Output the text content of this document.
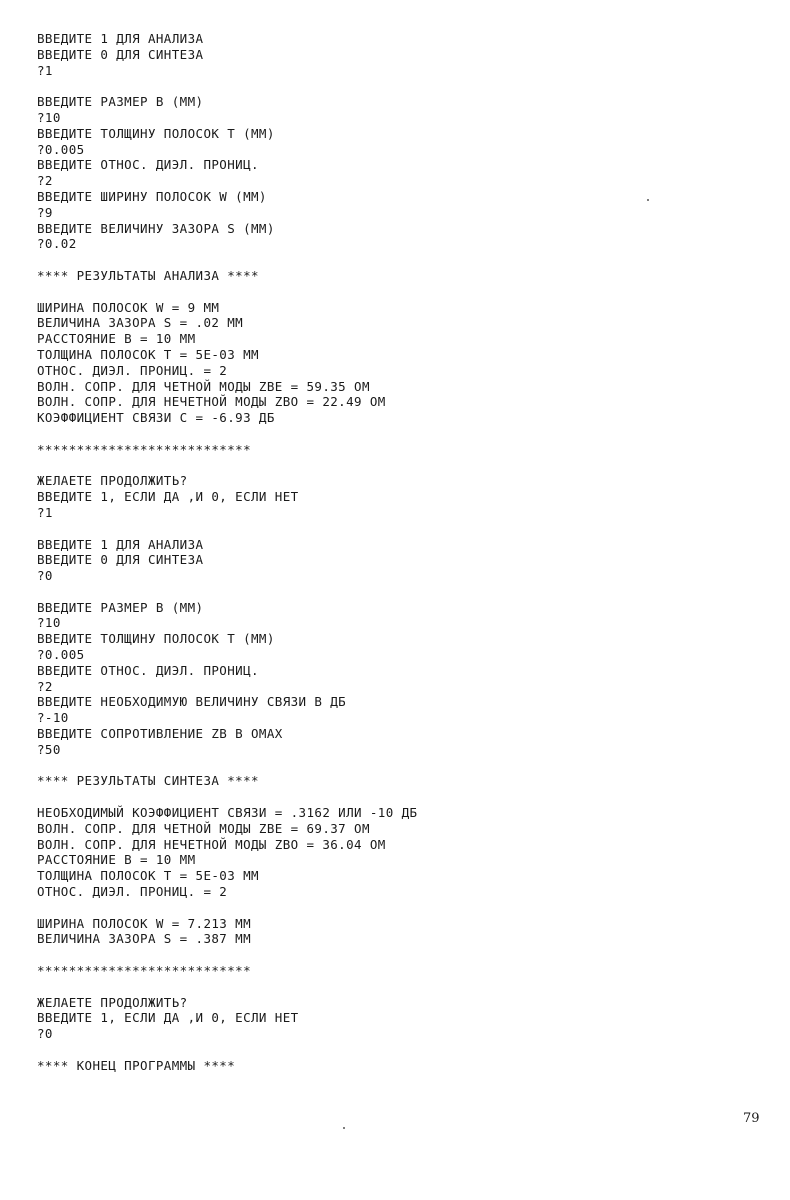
ВВЕДИТЕ 1 ДЛЯ АНАЛИЗА
ВВЕДИТЕ 0 ДЛЯ СИНТЕЗА
?1
ВВЕДИТЕ РАЗМЕР B (ММ)
?10
ВВЕДИТЕ ТОЛЩИНУ ПОЛОСОК T (ММ)
?0.005
ВВЕДИТЕ ОТНОС. ДИЭЛ. ПРОНИЦ.
?2
ВВЕДИТЕ ШИРИНУ ПОЛОСОК W (ММ)
?9
ВВЕДИТЕ ВЕЛИЧИНУ ЗАЗОРА S (ММ)
?0.02
**** РЕЗУЛЬТАТЫ АНАЛИЗА ****
ШИРИНА ПОЛОСОК W = 9 ММ
ВЕЛИЧИНА ЗАЗОРА S = .02 ММ
РАССТОЯНИЕ B = 10 ММ
ТОЛЩИНА ПОЛОСОК T = 5E-03 ММ
ОТНОС. ДИЭЛ. ПРОНИЦ. = 2
ВОЛН. СОПР. ДЛЯ ЧЕТНОЙ МОДЫ ZBE = 59.35 ОМ
ВОЛН. СОПР. ДЛЯ НЕЧЕТНОЙ МОДЫ ZBO = 22.49 ОМ
КОЭФФИЦИЕНТ СВЯЗИ C = -6.93 ДБ
***************************
ЖЕЛАЕТЕ ПРОДОЛЖИТЬ?
ВВЕДИТЕ 1, ЕСЛИ ДА ,И 0, ЕСЛИ НЕТ
?1
ВВЕДИТЕ 1 ДЛЯ АНАЛИЗА
ВВЕДИТЕ 0 ДЛЯ СИНТЕЗА
?0
ВВЕДИТЕ РАЗМЕР B (ММ)
?10
ВВЕДИТЕ ТОЛЩИНУ ПОЛОСОК T (ММ)
?0.005
ВВЕДИТЕ ОТНОС. ДИЭЛ. ПРОНИЦ.
?2
ВВЕДИТЕ НЕОБХОДИМУЮ ВЕЛИЧИНУ СВЯЗИ В ДБ
?-10
ВВЕДИТЕ СОПРОТИВЛЕНИЕ ZB В ОМАХ
?50
**** РЕЗУЛЬТАТЫ СИНТЕЗА ****
НЕОБХОДИМЫЙ КОЭФФИЦИЕНТ СВЯЗИ = .3162 ИЛИ -10 ДБ
ВОЛН. СОПР. ДЛЯ ЧЕТНОЙ МОДЫ ZBE = 69.37 ОМ
ВОЛН. СОПР. ДЛЯ НЕЧЕТНОЙ МОДЫ ZBO = 36.04 ОМ
РАССТОЯНИЕ B = 10 ММ
ТОЛЩИНА ПОЛОСОК T = 5E-03 ММ
ОТНОС. ДИЭЛ. ПРОНИЦ. = 2
ШИРИНА ПОЛОСОК W = 7.213 ММ
ВЕЛИЧИНА ЗАЗОРА S = .387 ММ
***************************
ЖЕЛАЕТЕ ПРОДОЛЖИТЬ?
ВВЕДИТЕ 1, ЕСЛИ ДА ,И 0, ЕСЛИ НЕТ
?0
**** КОНЕЦ ПРОГРАММЫ ****
79
